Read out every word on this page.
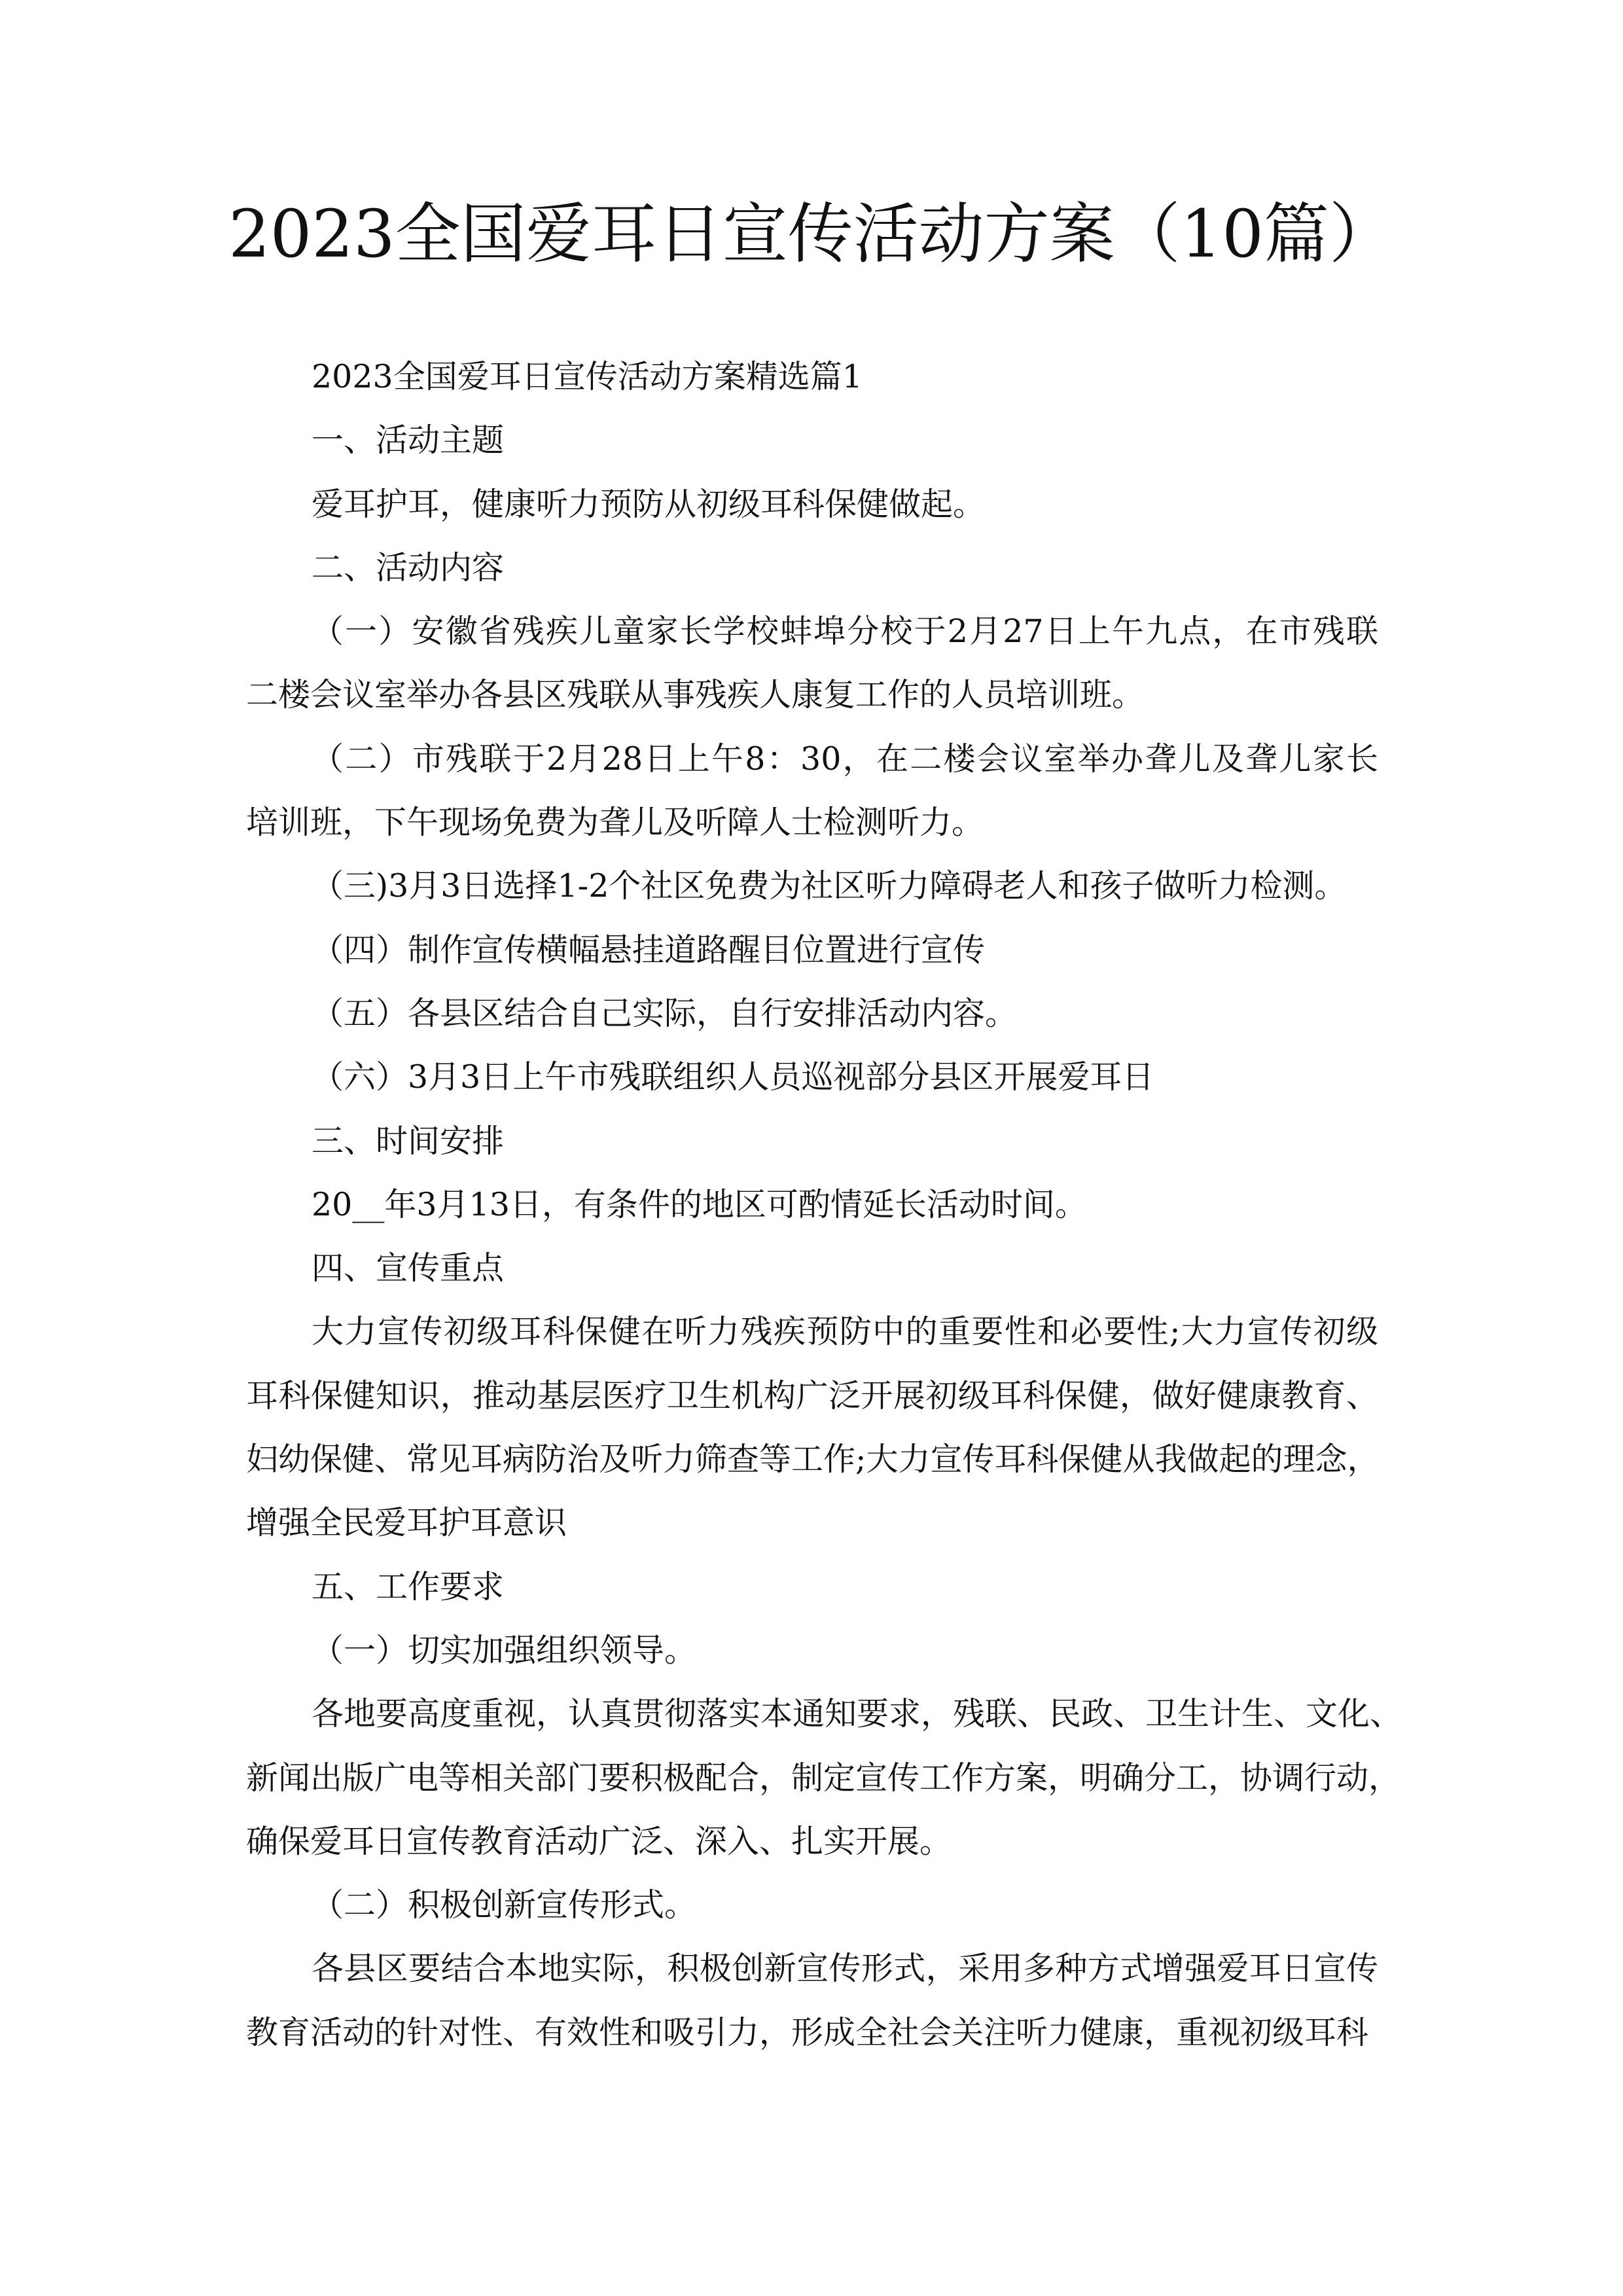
2023全国爱耳日宣传活动方案（10篇）
2023全国爱耳日宣传活动方案精选篇1
一、活动主题
爱耳护耳，健康听力预防从初级耳科保健做起。
二、活动内容
（一）安徽省残疾儿童家长学校蚌埠分校于2月27日上午九点，在市残联
二楼会议室举办各县区残联从事残疾人康复工作的人员培训班。
（二）市残联于2月28日上午8：30，在二楼会议室举办聋儿及聋儿家长
培训班，下午现场免费为聋儿及听障人士检测听力。
（三)3月3日选择1-2个社区免费为社区听力障碍老人和孩子做听力检测。
（四）制作宣传横幅悬挂道路醒目位置进行宣传
（五）各县区结合自己实际，自行安排活动内容。
（六）3月3日上午市残联组织人员巡视部分县区开展爱耳日
三、时间安排
20__年3月13日，有条件的地区可酌情延长活动时间。
四、宣传重点
大力宣传初级耳科保健在听力残疾预防中的重要性和必要性;大力宣传初级
耳科保健知识，推动基层医疗卫生机构广泛开展初级耳科保健，做好健康教育、
妇幼保健、常见耳病防治及听力筛查等工作;大力宣传耳科保健从我做起的理念，
增强全民爱耳护耳意识
五、工作要求
（一）切实加强组织领导。
各地要高度重视，认真贯彻落实本通知要求，残联、民政、卫生计生、文化、
新闻出版广电等相关部门要积极配合，制定宣传工作方案，明确分工，协调行动，
确保爱耳日宣传教育活动广泛、深入、扎实开展。
（二）积极创新宣传形式。
各县区要结合本地实际，积极创新宣传形式，采用多种方式增强爱耳日宣传
教育活动的针对性、有效性和吸引力，形成全社会关注听力健康，重视初级耳科
